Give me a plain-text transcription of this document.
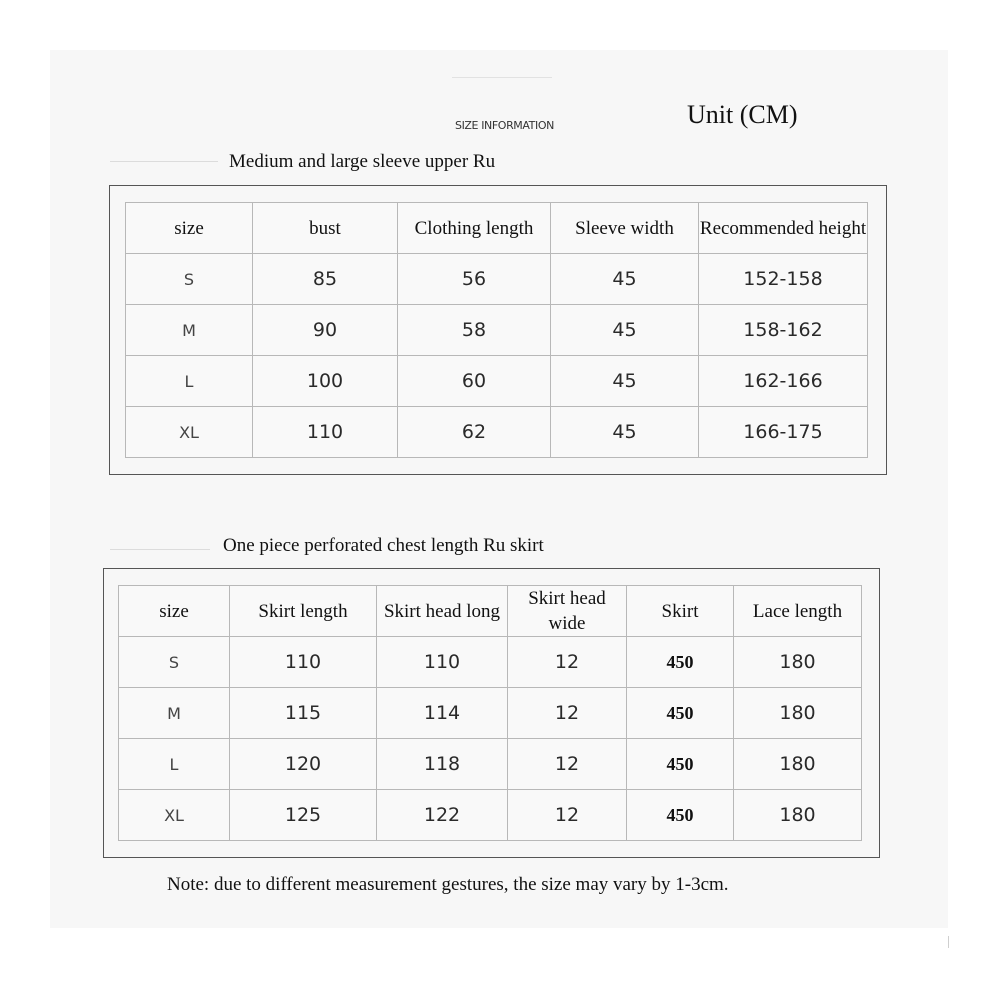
SIZE INFORMATION	Unit (CM)
Medium and large sleeve upper Ru
size	bust	Clothing length	Sleeve width	Recommended height
S	85	56	45	152-158
M	90	58	45	158-162
L	100	60	45	162-166
XL	110	62	45	166-175
One piece perforated chest length Ru skirt
size	Skirt length	Skirt head long	Skirt head wide	Skirt	Lace length
S	110	110	12	450	180
M	115	114	12	450	180
L	120	118	12	450	180
XL	125	122	12	450	180
Note: due to different measurement gestures, the size may vary by 1-3cm.
